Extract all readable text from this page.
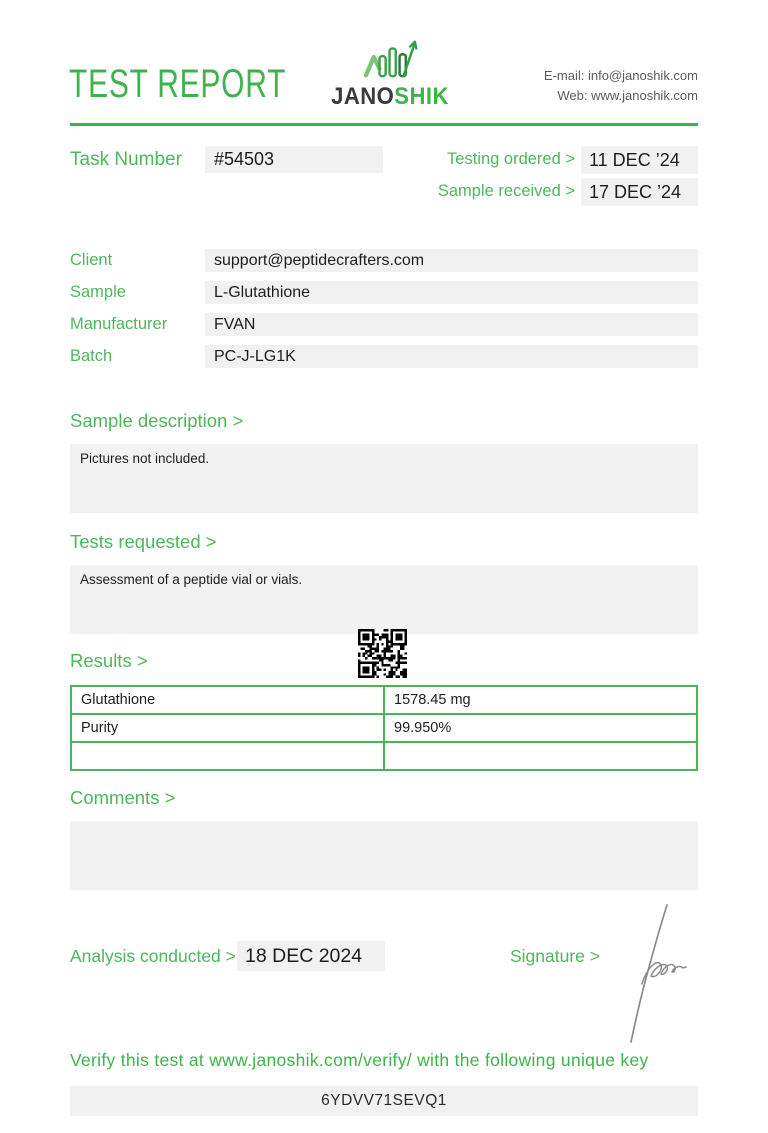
TEST REPORT JANOSHIK
E-mail: info@janoshik.com
Web: www.janoshik.com
Task Number	#54503	Testing ordered > 11 DEC ’24
Sample received > 17 DEC ’24
Client	support@peptidecrafters.com
Sample	L-Glutathione
Manufacturer	FVAN
Batch	PC-J-LG1K
Sample description >
Pictures not included.
Tests requested >
Assessment of a peptide vial or vials.
Results >
Glutathione	1578.45 mg
Purity	99.950%

Comments >
Analysis conducted > 18 DEC 2024	Signature >
Verify this test at www.janoshik.com/verify/ with the following unique key
6YDVV71SEVQ1
